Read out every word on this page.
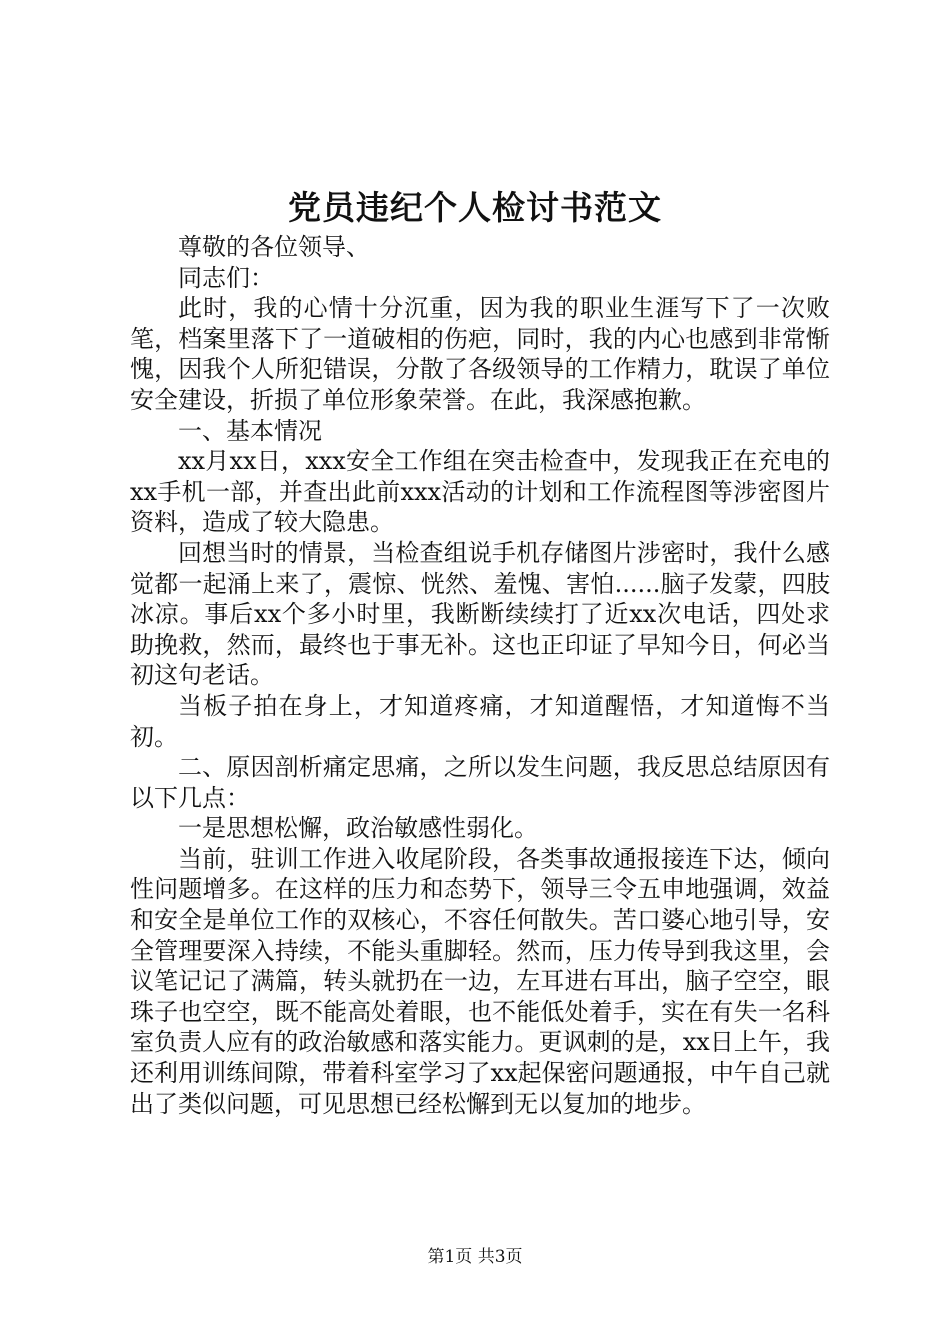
党员违纪个人检讨书范文

尊敬的各位领导、

同志们：

此时，我的心情十分沉重，因为我的职业生涯写下了一次败笔，档案里落下了一道破相的伤疤，同时，我的内心也感到非常惭愧，因我个人所犯错误，分散了各级领导的工作精力，耽误了单位安全建设，折损了单位形象荣誉。在此，我深感抱歉。

一、基本情况

xx月xx日，xxx安全工作组在突击检查中，发现我正在充电的xx手机一部，并查出此前xxx活动的计划和工作流程图等涉密图片资料，造成了较大隐患。

回想当时的情景，当检查组说手机存储图片涉密时，我什么感觉都一起涌上来了，震惊、恍然、羞愧、害怕......脑子发蒙，四肢冰凉。事后xx个多小时里，我断断续续打了近xx次电话，四处求助挽救，然而，最终也于事无补。这也正印证了早知今日，何必当初这句老话。

当板子拍在身上，才知道疼痛，才知道醒悟，才知道悔不当初。

二、原因剖析痛定思痛，之所以发生问题，我反思总结原因有以下几点：

一是思想松懈，政治敏感性弱化。

当前，驻训工作进入收尾阶段，各类事故通报接连下达，倾向性问题增多。在这样的压力和态势下，领导三令五申地强调，效益和安全是单位工作的双核心，不容任何散失。苦口婆心地引导，安全管理要深入持续，不能头重脚轻。然而，压力传导到我这里，会议笔记记了满篇，转头就扔在一边，左耳进右耳出，脑子空空，眼珠子也空空，既不能高处着眼，也不能低处着手，实在有失一名科室负责人应有的政治敏感和落实能力。更讽刺的是，xx日上午，我还利用训练间隙，带着科室学习了xx起保密问题通报，中午自己就出了类似问题，可见思想已经松懈到无以复加的地步。

第1页 共3页
